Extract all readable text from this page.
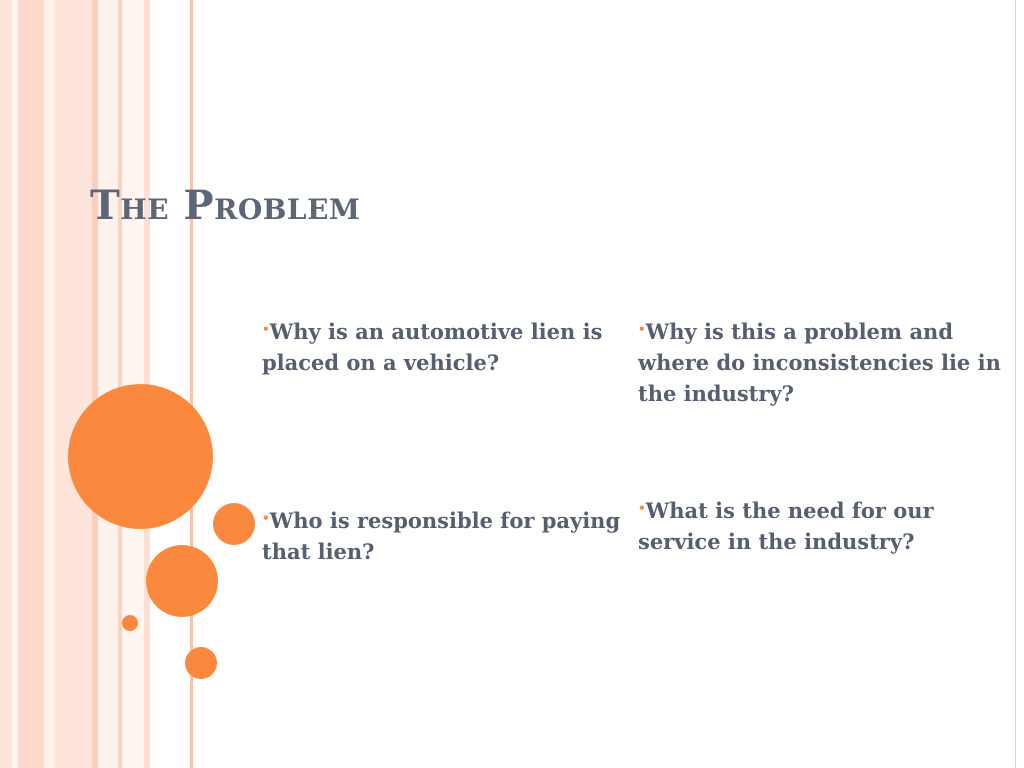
The Problem
•Why is an automotive lien is placed on a vehicle?
•Why is this a problem and where do inconsistencies lie in the industry?
•Who is responsible for paying that lien?
•What is the need for our service in the industry?
